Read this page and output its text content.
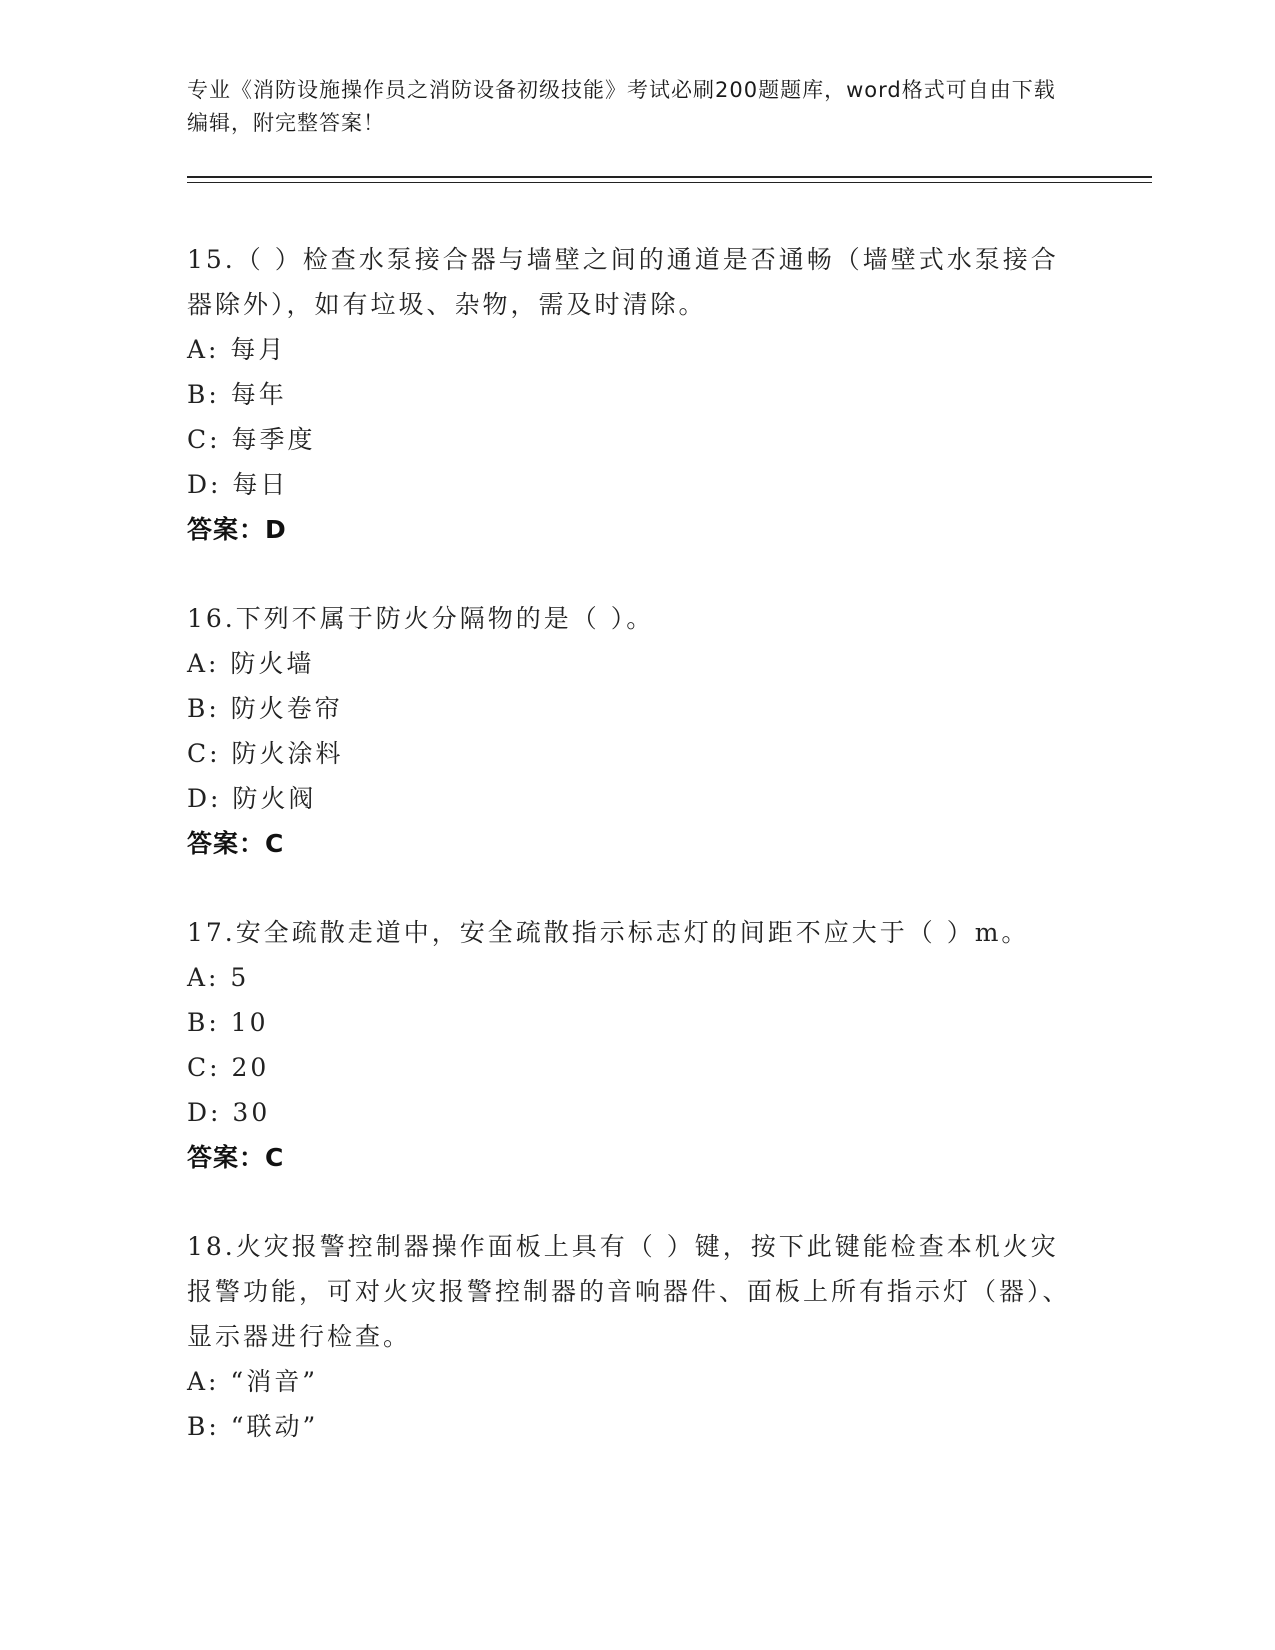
专业《消防设施操作员之消防设备初级技能》考试必刷200题题库，word格式可自由下载编辑，附完整答案！
15.（ ）检查水泵接合器与墙壁之间的通道是否通畅（墙壁式水泵接合器除外），如有垃圾、杂物，需及时清除。
A: 每月
B: 每年
C: 每季度
D: 每日
答案：D
16.下列不属于防火分隔物的是（ ）。
A: 防火墙
B: 防火卷帘
C: 防火涂料
D: 防火阀
答案：C
17.安全疏散走道中，安全疏散指示标志灯的间距不应大于（ ）m。
A: 5
B: 10
C: 20
D: 30
答案：C
18.火灾报警控制器操作面板上具有（ ）键，按下此键能检查本机火灾报警功能，可对火灾报警控制器的音响器件、面板上所有指示灯（器）、显示器进行检查。
A: “消音”
B: “联动”
